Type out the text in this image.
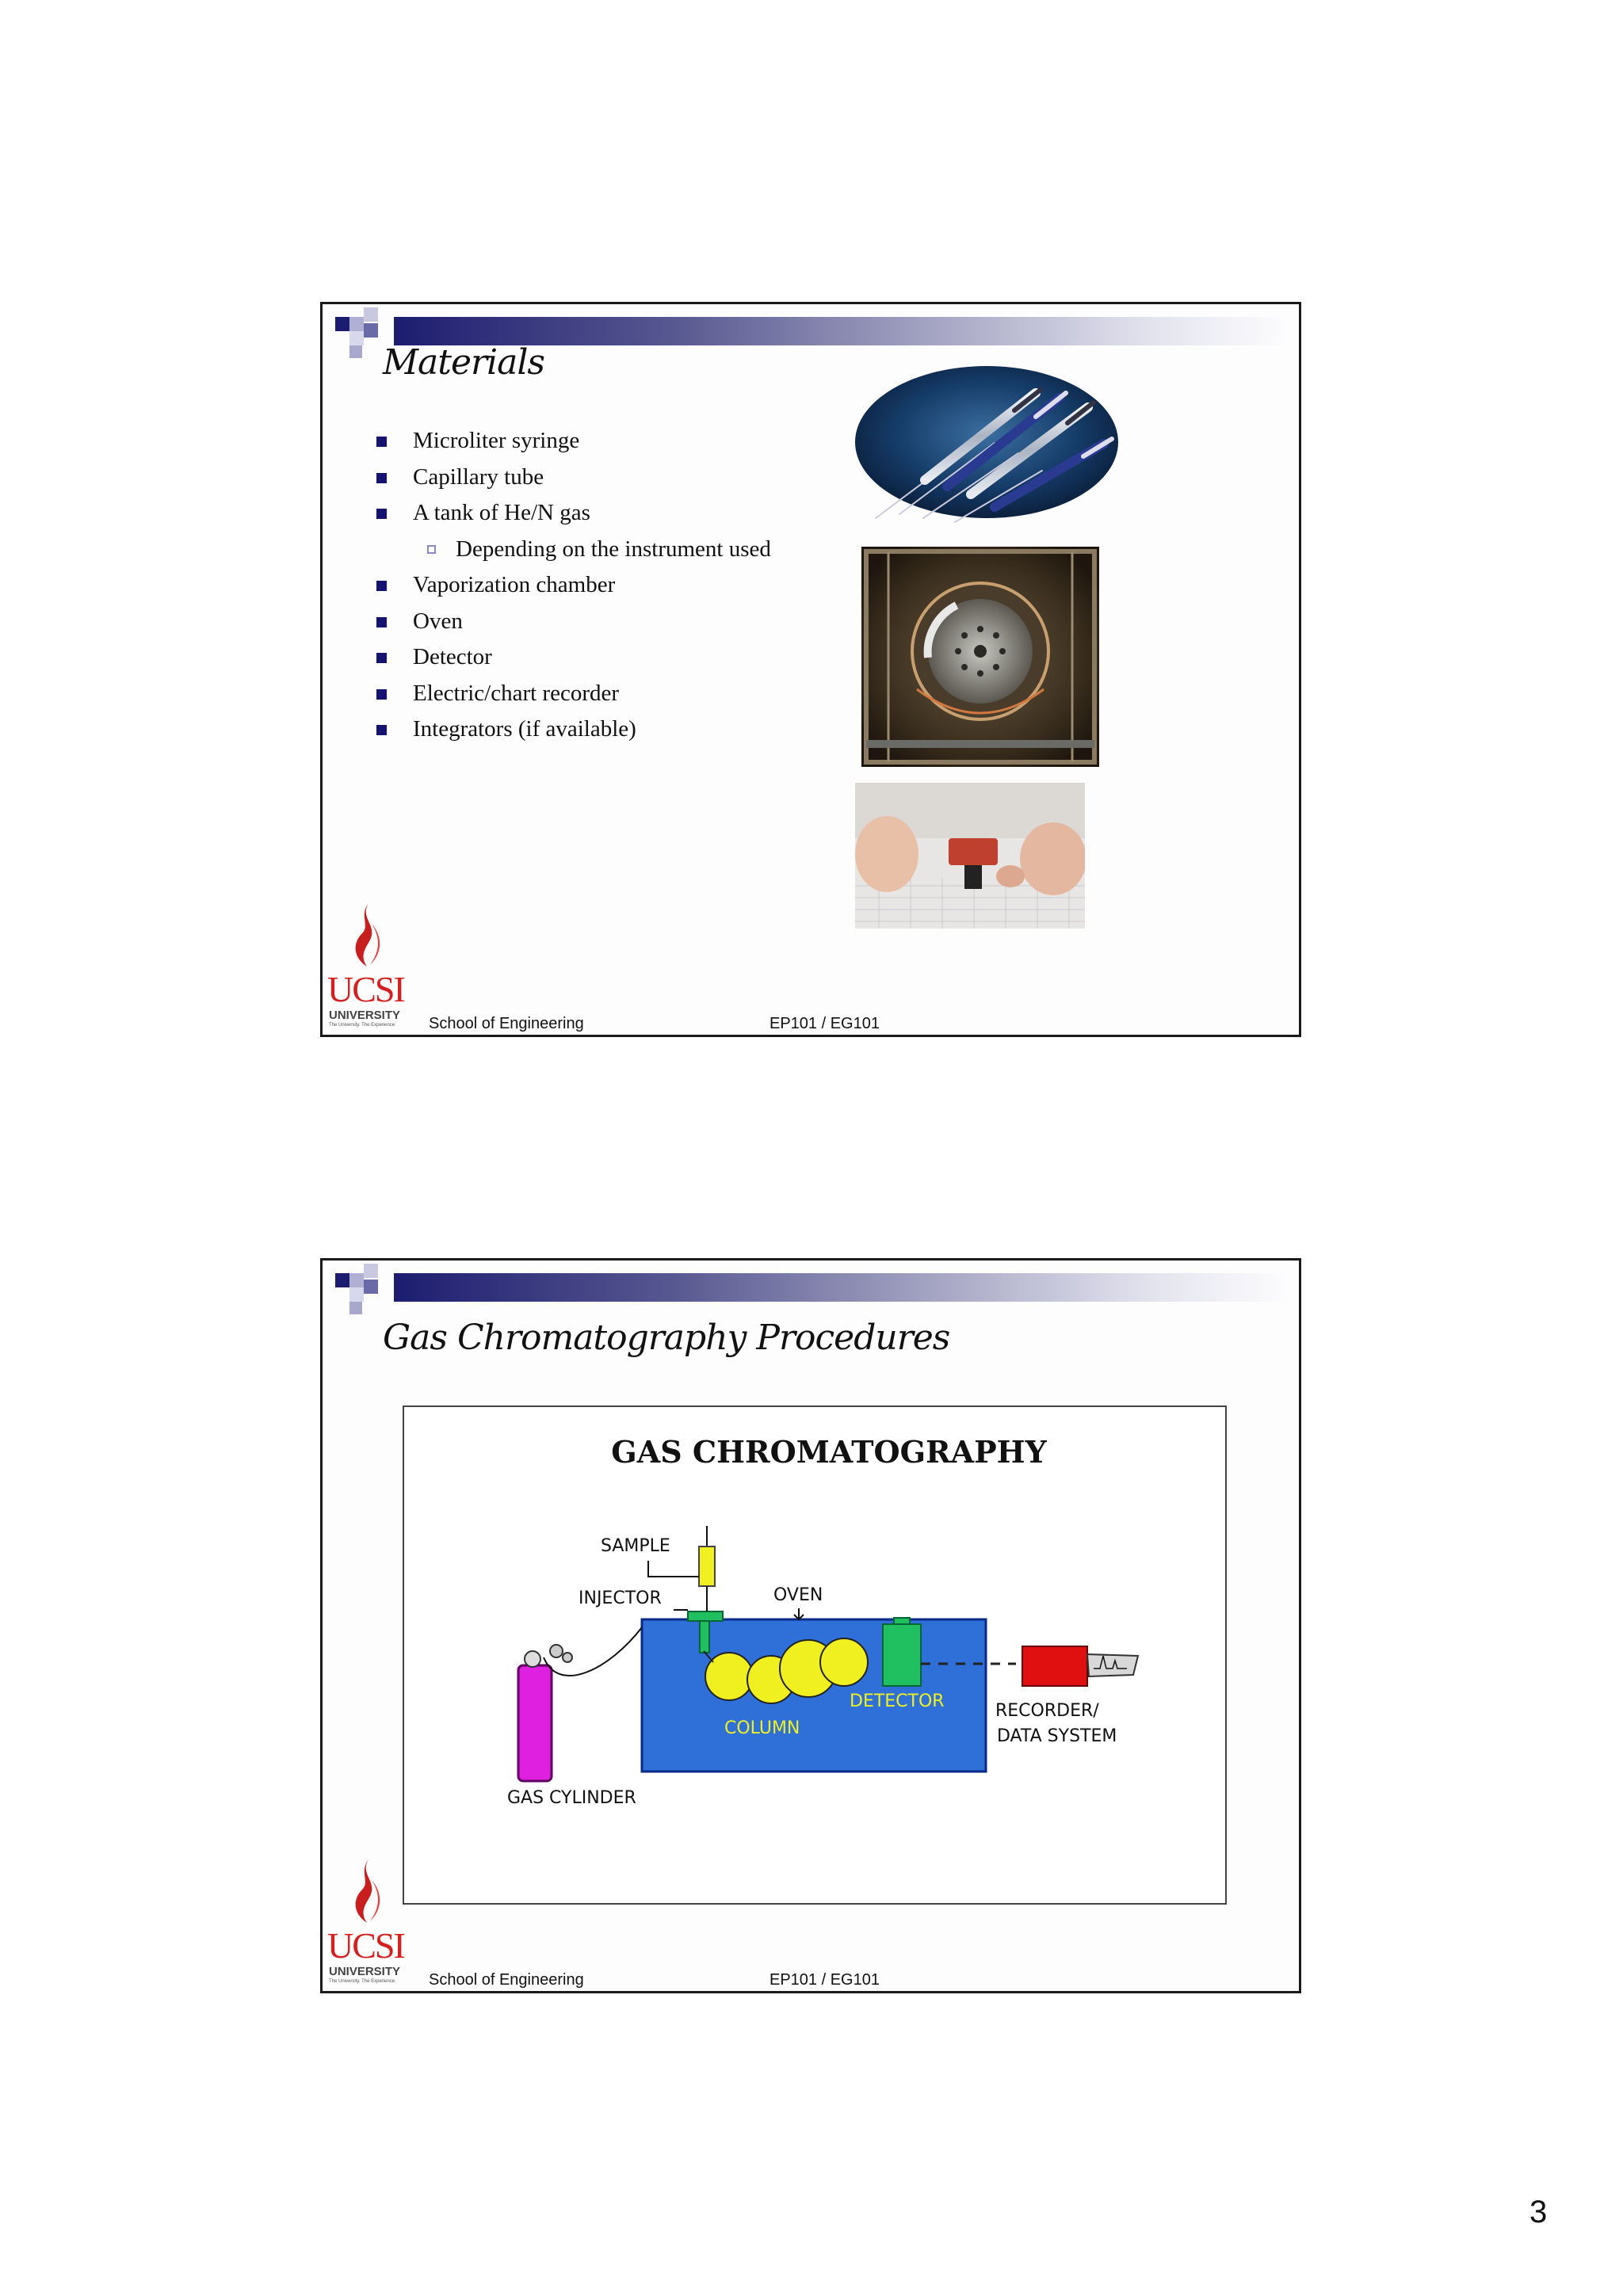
Materials
Microliter syringe
Capillary tube
A tank of He/N gas
Depending on the instrument used
Vaporization chamber
Oven
Detector
Electric/chart recorder
Integrators (if available)
UCSI
UNIVERSITY
The University. The Experience School of Engineering	EP101 / EG101
Gas Chromatography Procedures
GAS CHROMATOGRAPHY
SAMPLE
INJECTOR	OVEN
GAS CYLINDER
RECORDER/
DATA SYSTEM
DETECTOR
COLUMN
UCSI
UNIVERSITY
The University. The Experience School of Engineering	EP101 / EG101
3
